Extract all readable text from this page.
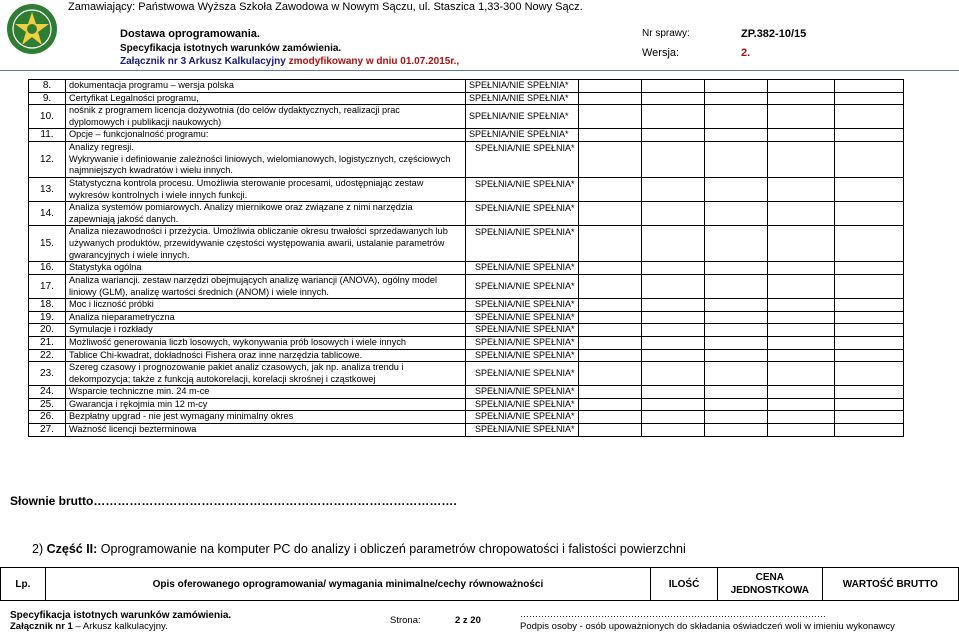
Zamawiający: Państwowa Wyższa Szkoła Zawodowa w Nowym Sączu, ul. Staszica 1,33-300 Nowy Sącz.
Dostawa oprogramowania.
Specyfikacja istotnych warunków zamówienia.
Załącznik nr 3 Arkusz Kalkulacyjny zmodyfikowany w dniu 01.07.2015r.,
Nr sprawy:	ZP.382-10/15
Wersja:	2.
8.	dokumentacja programu – wersja polska	SPEŁNIA/NIE SPEŁNIA*					
9.	Certyfikat Legalności programu,	SPEŁNIA/NIE SPEŁNIA*					
10.	nośnik z programem licencja dożywotnia (do celów dydaktycznych, realizacji prac
dyplomowych i publikacji naukowych)	SPEŁNIA/NIE SPEŁNIA*					
11.	Opcje – funkcjonalność programu:	SPEŁNIA/NIE SPEŁNIA*					
12.	Analizy regresji.
Wykrywanie i definiowanie zależności liniowych, wielomianowych, logistycznych, częściowych
najmniejszych kwadratów i wielu innych.	SPEŁNIA/NIE SPEŁNIA*					
13.	Statystyczna kontrola procesu. Umożliwia sterowanie procesami, udostępniając zestaw
wykresów kontrolnych i wiele innych funkcji.	SPEŁNIA/NIE SPEŁNIA*					
14.	Analiza systemów pomiarowych. Analizy miernikowe oraz związane z nimi narzędzia
zapewniają jakość danych.	SPEŁNIA/NIE SPEŁNIA*					
15.	Analiza niezawodności i przeżycia. Umożliwia obliczanie okresu trwałości sprzedawanych lub
używanych produktów, przewidywanie częstości występowania awarii, ustalanie parametrów
gwarancyjnych i wiele innych.	SPEŁNIA/NIE SPEŁNIA*					
16.	Statystyka ogólna	SPEŁNIA/NIE SPEŁNIA*					
17.	Analiza wariancji. zestaw narzędzi obejmujących analizę wariancji (ANOVA), ogólny model
liniowy (GLM), analizę wartości średnich (ANOM) i wiele innych.	SPEŁNIA/NIE SPEŁNIA*					
18.	Moc i liczność próbki	SPEŁNIA/NIE SPEŁNIA*					
19.	Analiza nieparametryczna	SPEŁNIA/NIE SPEŁNIA*					
20.	Symulacje i rozkłady	SPEŁNIA/NIE SPEŁNIA*					
21.	Możliwość generowania liczb losowych, wykonywania prób losowych i wiele innych	SPEŁNIA/NIE SPEŁNIA*					
22.	Tablice Chi-kwadrat, dokładności Fishera oraz inne narzędzia tablicowe.	SPEŁNIA/NIE SPEŁNIA*					
23.	Szereg czasowy i prognozowanie pakiet analiz czasowych, jak np. analiza trendu i
dekompozycja; także z funkcją autokorelacji, korelacji skrośnej i cząstkowej	SPEŁNIA/NIE SPEŁNIA*					
24.	Wsparcie techniczne min. 24 m-ce	SPEŁNIA/NIE SPEŁNIA*					
25.	Gwarancja i rękojmia min 12 m-cy	SPEŁNIA/NIE SPEŁNIA*					
26.	Bezpłatny upgrad - nie jest wymagany minimalny okres	SPEŁNIA/NIE SPEŁNIA*					
27.	Ważność licencji bezterminowa	SPEŁNIA/NIE SPEŁNIA*					
Słownie brutto……………………………………………………………………………….
2) Część II: Oprogramowanie na komputer PC do analizy i obliczeń parametrów chropowatości i falistości powierzchni
Lp.	Opis oferowanego oprogramowania/ wymagania minimalne/cechy równoważności	ILOŚĆ	CENA JEDNOSTKOWA	WARTOŚĆ BRUTTO
Specyfikacja istotnych warunków zamówienia.
Załącznik nr 1 – Arkusz kalkulacyjny.
Strona:	2 z 20
…………………………………………………………………………………………
Podpis osoby - osób upoważnionych do składania oświadczeń woli w imieniu wykonawcy
